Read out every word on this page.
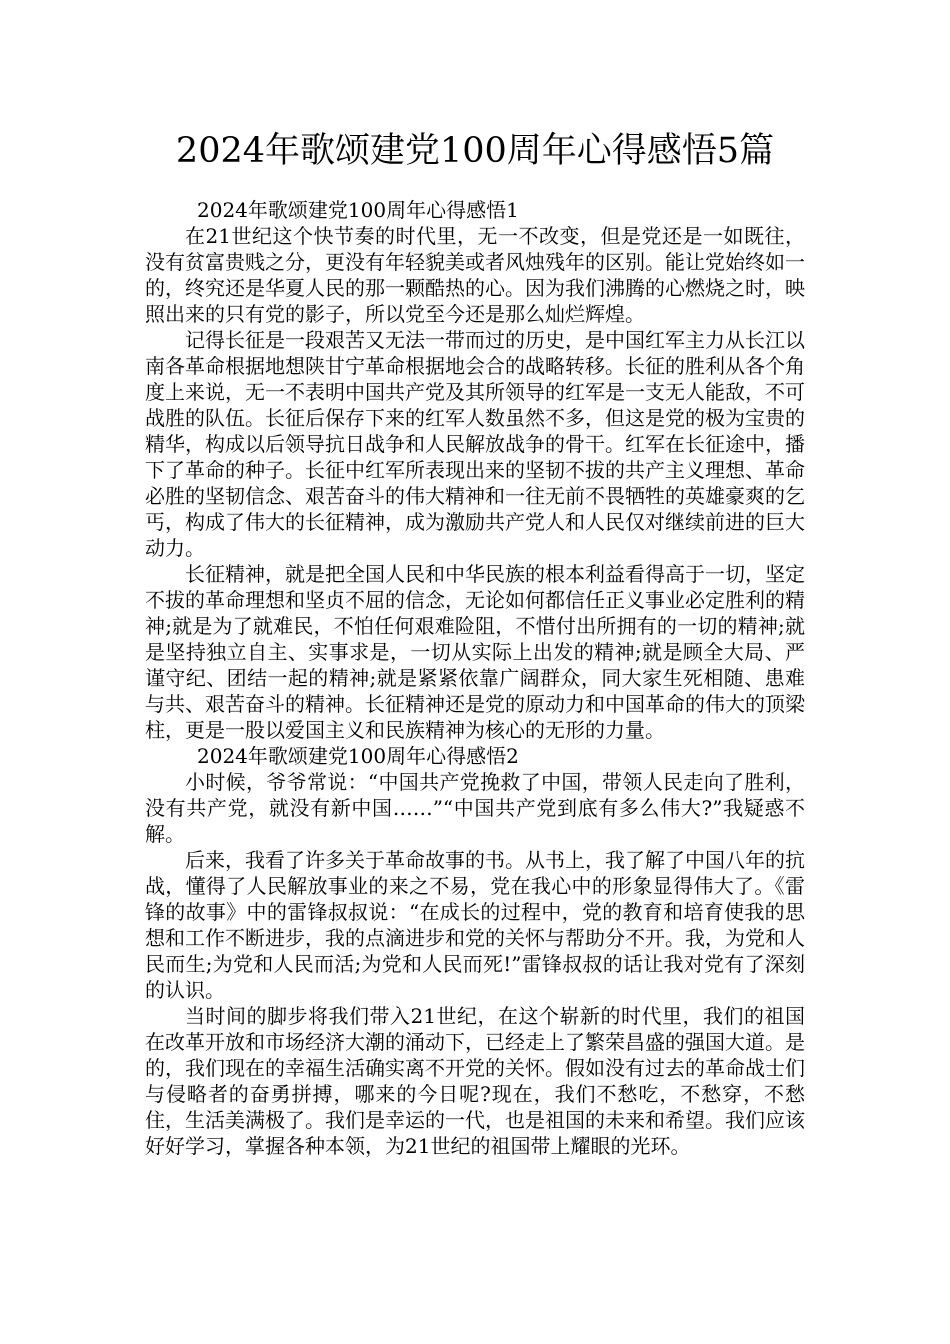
2024年歌颂建党100周年心得感悟5篇

2024年歌颂建党100周年心得感悟1

在21世纪这个快节奏的时代里，无一不改变，但是党还是一如既往，没有贫富贵贱之分，更没有年轻貌美或者风烛残年的区别。能让党始终如一的，终究还是华夏人民的那一颗酷热的心。因为我们沸腾的心燃烧之时，映照出来的只有党的影子，所以党至今还是那么灿烂辉煌。

记得长征是一段艰苦又无法一带而过的历史，是中国红军主力从长江以南各革命根据地想陕甘宁革命根据地会合的战略转移。长征的胜利从各个角度上来说，无一不表明中国共产党及其所领导的红军是一支无人能敌，不可战胜的队伍。长征后保存下来的红军人数虽然不多，但这是党的极为宝贵的精华，构成以后领导抗日战争和人民解放战争的骨干。红军在长征途中，播下了革命的种子。长征中红军所表现出来的坚韧不拔的共产主义理想、革命必胜的坚韧信念、艰苦奋斗的伟大精神和一往无前不畏牺牲的英雄豪爽的乞丐，构成了伟大的长征精神，成为激励共产党人和人民仅对继续前进的巨大动力。

长征精神，就是把全国人民和中华民族的根本利益看得高于一切，坚定不拔的革命理想和坚贞不屈的信念，无论如何都信任正义事业必定胜利的精神;就是为了就难民，不怕任何艰难险阻，不惜付出所拥有的一切的精神;就是坚持独立自主、实事求是，一切从实际上出发的精神;就是顾全大局、严谨守纪、团结一起的精神;就是紧紧依靠广阔群众，同大家生死相随、患难与共、艰苦奋斗的精神。长征精神还是党的原动力和中国革命的伟大的顶梁柱，更是一股以爱国主义和民族精神为核心的无形的力量。

2024年歌颂建党100周年心得感悟2

小时候，爷爷常说：“中国共产党挽救了中国，带领人民走向了胜利，没有共产党，就没有新中国……”“中国共产党到底有多么伟大?”我疑惑不解。

后来，我看了许多关于革命故事的书。从书上，我了解了中国八年的抗战，懂得了人民解放事业的来之不易，党在我心中的形象显得伟大了。《雷锋的故事》中的雷锋叔叔说：“在成长的过程中，党的教育和培育使我的思想和工作不断进步，我的点滴进步和党的关怀与帮助分不开。我，为党和人民而生;为党和人民而活;为党和人民而死!”雷锋叔叔的话让我对党有了深刻的认识。

当时间的脚步将我们带入21世纪，在这个崭新的时代里，我们的祖国在改革开放和市场经济大潮的涌动下，已经走上了繁荣昌盛的强国大道。是的，我们现在的幸福生活确实离不开党的关怀。假如没有过去的革命战士们与侵略者的奋勇拼搏，哪来的今日呢?现在，我们不愁吃，不愁穿，不愁住，生活美满极了。我们是幸运的一代，也是祖国的未来和希望。我们应该好好学习，掌握各种本领，为21世纪的祖国带上耀眼的光环。
